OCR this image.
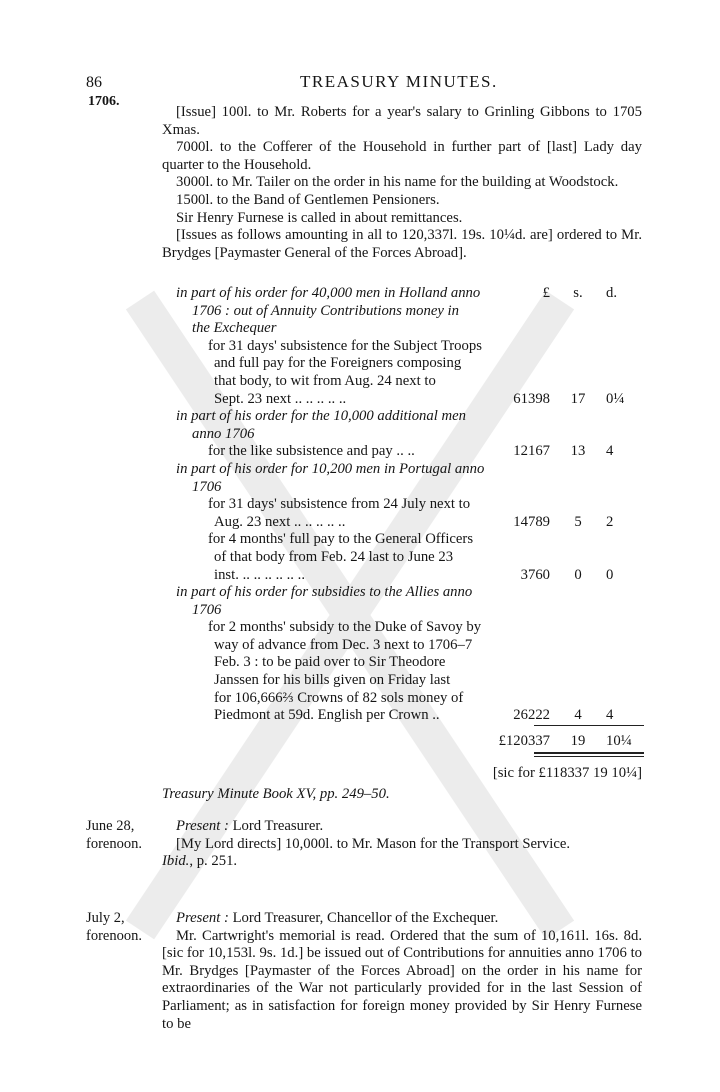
86	TREASURY MINUTES.
1706.

[Issue] 100l. to Mr. Roberts for a year's salary to Grinling Gibbons to 1705 Xmas.

7000l. to the Cofferer of the Household in further part of [last] Lady day quarter to the Household.

3000l. to Mr. Tailer on the order in his name for the building at Woodstock.

1500l. to the Band of Gentlemen Pensioners.

Sir Henry Furnese is called in about remittances.

[Issues as follows amounting in all to 120,337l. 19s. 10¼d. are] ordered to Mr. Brydges [Paymaster General of the Forces Abroad].

in part of his order for 40,000 men in Holland anno	£	s.	d.
1706 : out of Annuity Contributions money in
the Exchequer
for 31 days' subsistence for the Subject Troops
and full pay for the Foreigners composing
that body, to wit from Aug. 24 next to
Sept. 23 next .. .. .. .. ..	61398	17	0¼
in part of his order for the 10,000 additional men
anno 1706
for the like subsistence and pay .. ..	12167	13	4
in part of his order for 10,200 men in Portugal anno
1706
for 31 days' subsistence from 24 July next to
Aug. 23 next .. .. .. .. ..	14789	5	2
for 4 months' full pay to the General Officers
of that body from Feb. 24 last to June 23
inst. .. .. .. .. .. ..	3760	0	0
in part of his order for subsidies to the Allies anno
1706
for 2 months' subsidy to the Duke of Savoy by
way of advance from Dec. 3 next to 1706–7
Feb. 3 : to be paid over to Sir Theodore
Janssen for his bills given on Friday last
for 106,666⅔ Crowns of 82 sols money of
Piedmont at 59d. English per Crown ..	26222	4	4
£120337	19	10¼
[sic for £118337 19 10¼]
Treasury Minute Book XV, pp. 249–50.
June 28,
forenoon.

Present : Lord Treasurer.

[My Lord directs] 10,000l. to Mr. Mason for the Transport Service.

Ibid., p. 251.

July 2,
forenoon.

Present : Lord Treasurer, Chancellor of the Exchequer.

Mr. Cartwright's memorial is read. Ordered that the sum of 10,161l. 16s. 8d. [sic for 10,153l. 9s. 1d.] be issued out of Contributions for annuities anno 1706 to Mr. Brydges [Paymaster of the Forces Abroad] on the order in his name for extraordinaries of the War not particularly provided for in the last Session of Parliament; as in satisfaction for foreign money provided by Sir Henry Furnese to be
